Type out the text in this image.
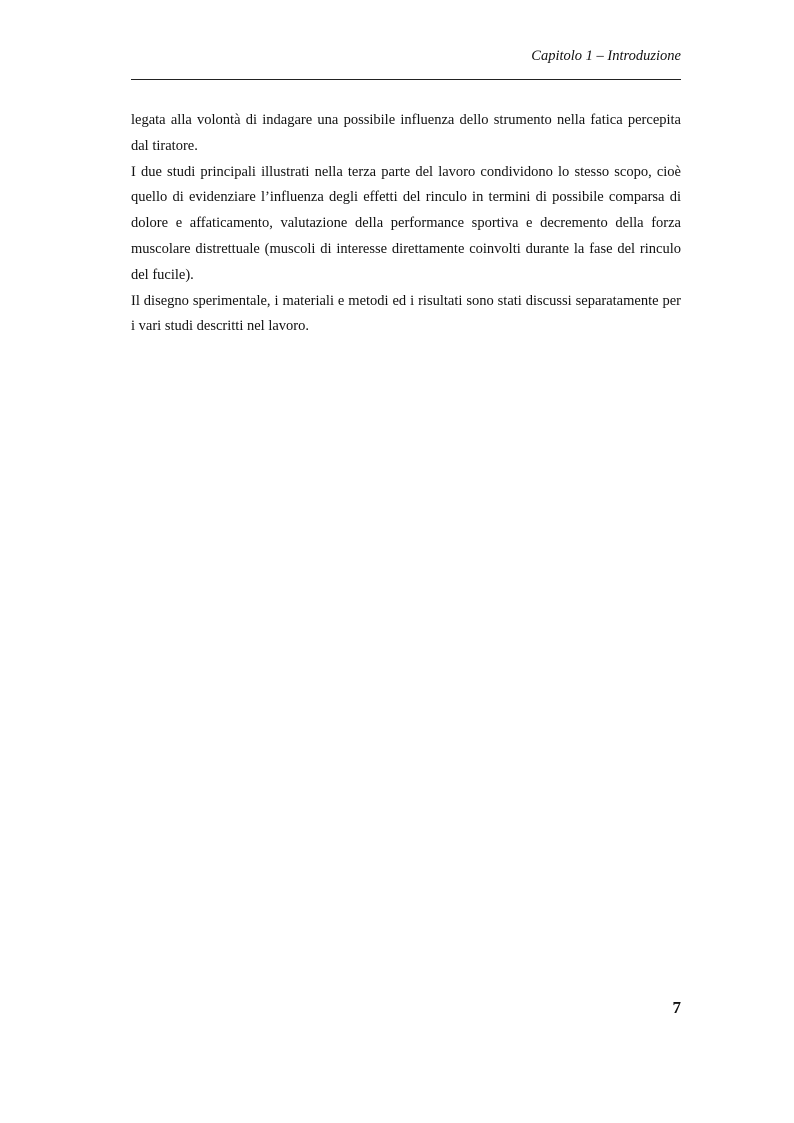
Capitolo 1 – Introduzione

legata alla volontà di indagare una possibile influenza dello strumento nella fatica percepita
dal tiratore.

I due studi principali illustrati nella terza parte del lavoro condividono lo stesso scopo, cioè
quello di evidenziare l’influenza degli effetti del rinculo in termini di possibile comparsa di
dolore e affaticamento, valutazione della performance sportiva e decremento della forza
muscolare distrettuale (muscoli di interesse direttamente coinvolti durante la fase del rinculo
del fucile).

Il disegno sperimentale, i materiali e metodi ed i risultati sono stati discussi separatamente per
i vari studi descritti nel lavoro.

7
